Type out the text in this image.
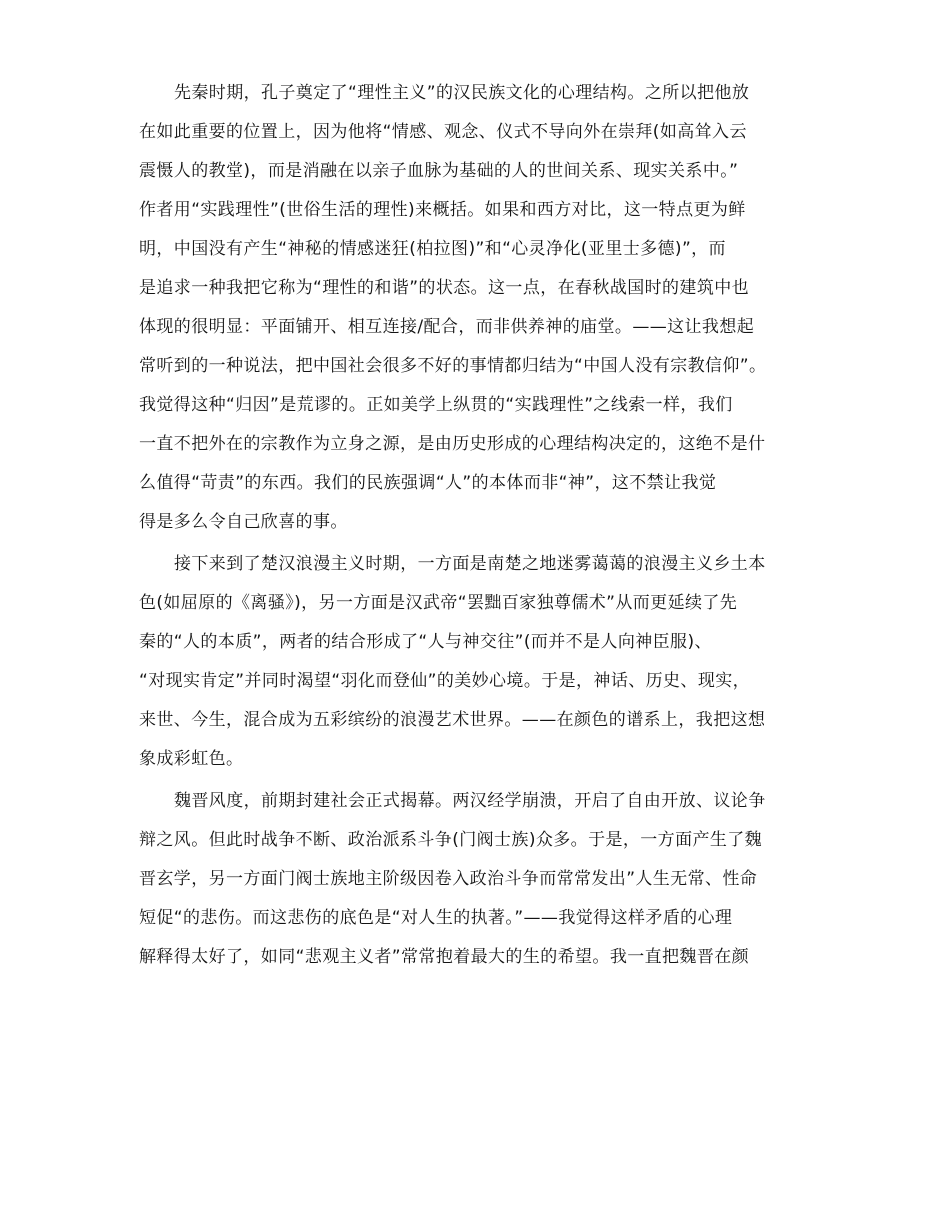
先秦时期，孔子奠定了“理性主义”的汉民族文化的心理结构。之所以把他放

在如此重要的位置上，因为他将“情感、观念、仪式不导向外在崇拜(如高耸入云

震慑人的教堂)，而是消融在以亲子血脉为基础的人的世间关系、现实关系中。”

作者用“实践理性”(世俗生活的理性)来概括。如果和西方对比，这一特点更为鲜

明，中国没有产生“神秘的情感迷狂(柏拉图)”和“心灵净化(亚里士多德)”，而

是追求一种我把它称为“理性的和谐”的状态。这一点，在春秋战国时的建筑中也

体现的很明显：平面铺开、相互连接/配合，而非供养神的庙堂。——这让我想起

常听到的一种说法，把中国社会很多不好的事情都归结为“中国人没有宗教信仰”。

我觉得这种“归因”是荒谬的。正如美学上纵贯的“实践理性”之线索一样，我们

一直不把外在的宗教作为立身之源，是由历史形成的心理结构决定的，这绝不是什

么值得“苛责”的东西。我们的民族强调“人”的本体而非“神”，这不禁让我觉

得是多么令自己欣喜的事。

接下来到了楚汉浪漫主义时期，一方面是南楚之地迷雾蔼蔼的浪漫主义乡土本

色(如屈原的《离骚》)，另一方面是汉武帝“罢黜百家独尊儒术”从而更延续了先

秦的“人的本质”，两者的结合形成了“人与神交往”(而并不是人向神臣服)、

“对现实肯定”并同时渴望“羽化而登仙”的美妙心境。于是，神话、历史、现实，

来世、今生，混合成为五彩缤纷的浪漫艺术世界。——在颜色的谱系上，我把这想

象成彩虹色。

魏晋风度，前期封建社会正式揭幕。两汉经学崩溃，开启了自由开放、议论争

辩之风。但此时战争不断、政治派系斗争(门阀士族)众多。于是，一方面产生了魏

晋玄学，另一方面门阀士族地主阶级因卷入政治斗争而常常发出”人生无常、性命

短促“的悲伤。而这悲伤的底色是“对人生的执著。”——我觉得这样矛盾的心理

解释得太好了，如同“悲观主义者”常常抱着最大的生的希望。我一直把魏晋在颜
